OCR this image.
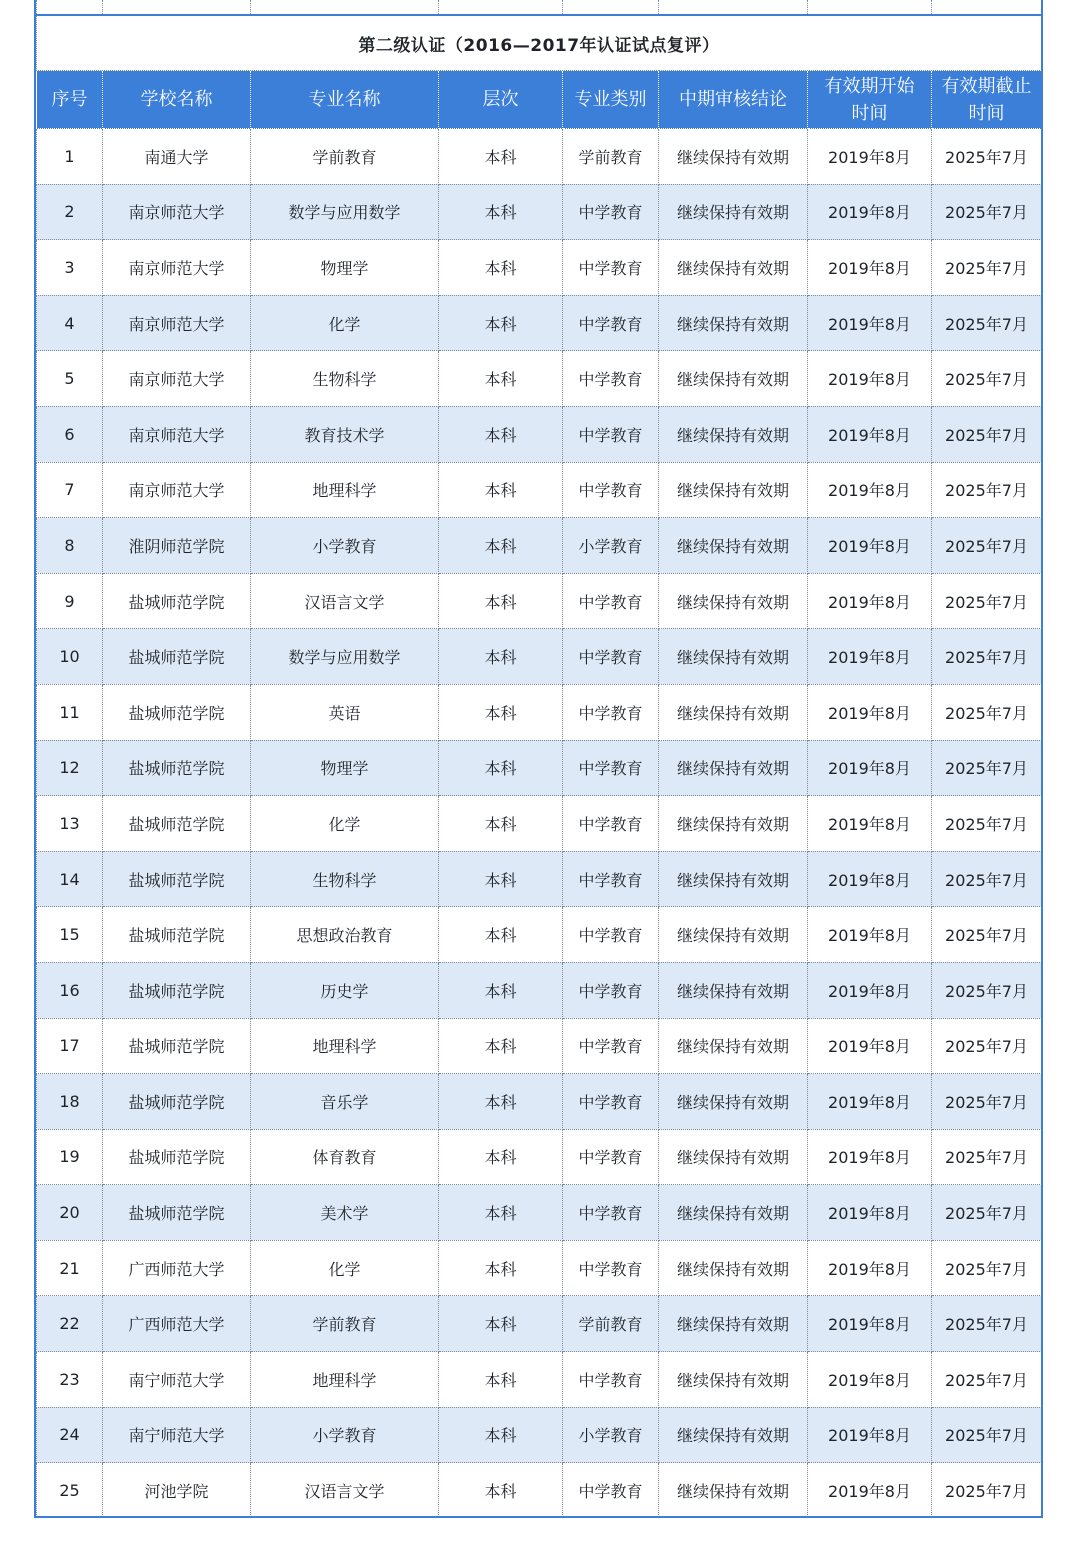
第二级认证（2016—2017年认证试点复评）							
序号	学校名称	专业名称	层次	专业类别	中期审核结论	有效期开始时间	有效期截止时间
1	南通大学	学前教育	本科	学前教育	继续保持有效期	2019年8月	2025年7月
2	南京师范大学	数学与应用数学	本科	中学教育	继续保持有效期	2019年8月	2025年7月
3	南京师范大学	物理学	本科	中学教育	继续保持有效期	2019年8月	2025年7月
4	南京师范大学	化学	本科	中学教育	继续保持有效期	2019年8月	2025年7月
5	南京师范大学	生物科学	本科	中学教育	继续保持有效期	2019年8月	2025年7月
6	南京师范大学	教育技术学	本科	中学教育	继续保持有效期	2019年8月	2025年7月
7	南京师范大学	地理科学	本科	中学教育	继续保持有效期	2019年8月	2025年7月
8	淮阴师范学院	小学教育	本科	小学教育	继续保持有效期	2019年8月	2025年7月
9	盐城师范学院	汉语言文学	本科	中学教育	继续保持有效期	2019年8月	2025年7月
10	盐城师范学院	数学与应用数学	本科	中学教育	继续保持有效期	2019年8月	2025年7月
11	盐城师范学院	英语	本科	中学教育	继续保持有效期	2019年8月	2025年7月
12	盐城师范学院	物理学	本科	中学教育	继续保持有效期	2019年8月	2025年7月
13	盐城师范学院	化学	本科	中学教育	继续保持有效期	2019年8月	2025年7月
14	盐城师范学院	生物科学	本科	中学教育	继续保持有效期	2019年8月	2025年7月
15	盐城师范学院	思想政治教育	本科	中学教育	继续保持有效期	2019年8月	2025年7月
16	盐城师范学院	历史学	本科	中学教育	继续保持有效期	2019年8月	2025年7月
17	盐城师范学院	地理科学	本科	中学教育	继续保持有效期	2019年8月	2025年7月
18	盐城师范学院	音乐学	本科	中学教育	继续保持有效期	2019年8月	2025年7月
19	盐城师范学院	体育教育	本科	中学教育	继续保持有效期	2019年8月	2025年7月
20	盐城师范学院	美术学	本科	中学教育	继续保持有效期	2019年8月	2025年7月
21	广西师范大学	化学	本科	中学教育	继续保持有效期	2019年8月	2025年7月
22	广西师范大学	学前教育	本科	学前教育	继续保持有效期	2019年8月	2025年7月
23	南宁师范大学	地理科学	本科	中学教育	继续保持有效期	2019年8月	2025年7月
24	南宁师范大学	小学教育	本科	小学教育	继续保持有效期	2019年8月	2025年7月
25	河池学院	汉语言文学	本科	中学教育	继续保持有效期	2019年8月	2025年7月
